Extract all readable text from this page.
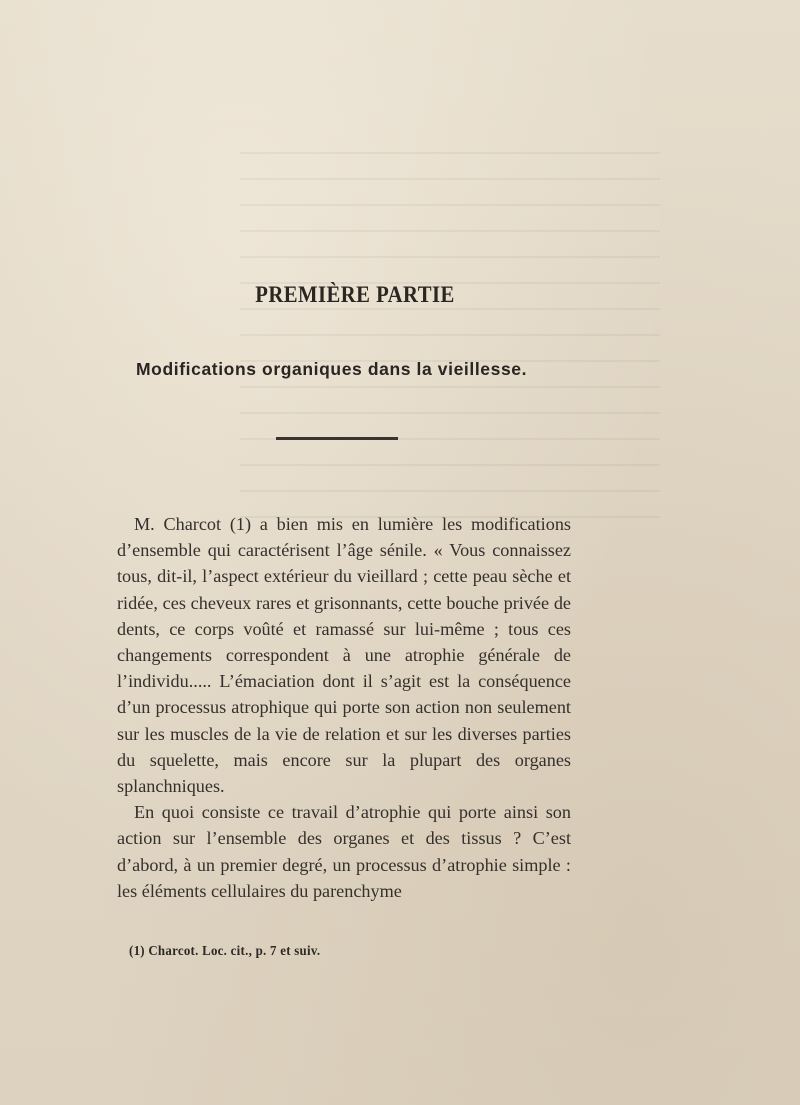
PREMIÈRE PARTIE
Modifications organiques dans la vieillesse.

M. Charcot (1) a bien mis en lumière les modifications d’ensemble qui caractérisent l’âge sénile. « Vous connaissez tous, dit-il, l’aspect extérieur du vieillard ; cette peau sèche et ridée, ces cheveux rares et grisonnants, cette bouche privée de dents, ce corps voûté et ramassé sur lui-même ; tous ces changements correspondent à une atrophie générale de l’individu..... L’émaciation dont il s’agit est la conséquence d’un processus atrophique qui porte son action non seulement sur les muscles de la vie de relation et sur les diverses parties du squelette, mais encore sur la plupart des organes splanchniques.

En quoi consiste ce travail d’atrophie qui porte ainsi son action sur l’ensemble des organes et des tissus ? C’est d’abord, à un premier degré, un processus d’atrophie simple : les éléments cellulaires du parenchyme

(1) Charcot. Loc. cit., p. 7 et suiv.
